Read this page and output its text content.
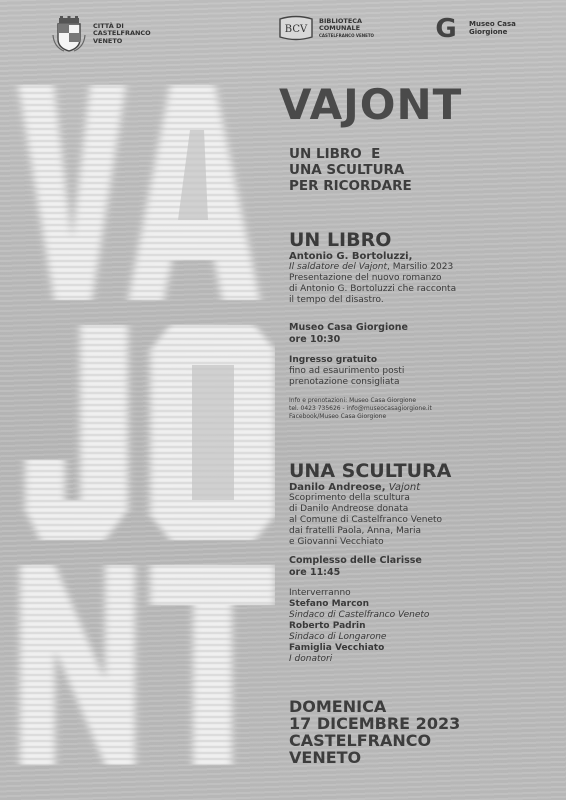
CITTÀ DI
CASTELFRANCO
VENETO
BCV
BIBLIOTECA
COMUNALE
CASTELFRANCO VENETO G Museo Casa
Giorgione
VAJONT
UN LIBRO  E
UNA SCULTURA
PER RICORDARE
UN LIBRO
Antonio G. Bortoluzzi,
Il saldatore del Vajont, Marsilio 2023
Presentazione del nuovo romanzo
di Antonio G. Bortoluzzi che racconta
il tempo del disastro.
Museo Casa Giorgione
ore 10:30
Ingresso gratuito
fino ad esaurimento posti
prenotazione consigliata
Info e prenotazioni: Museo Casa Giorgione
tel. 0423 735626 - info@museocasagiorgione.it
Facebook/Museo Casa Giorgione
UNA SCULTURA
Danilo Andreose, Vajont
Scoprimento della scultura
di Danilo Andreose donata
al Comune di Castelfranco Veneto
dai fratelli Paola, Anna, Maria
e Giovanni Vecchiato
Complesso delle Clarisse
ore 11:45
Interverranno
Stefano Marcon
Sindaco di Castelfranco Veneto
Roberto Padrin
Sindaco di Longarone
Famiglia Vecchiato
I donatori
DOMENICA
17 DICEMBRE 2023
CASTELFRANCO
VENETO
